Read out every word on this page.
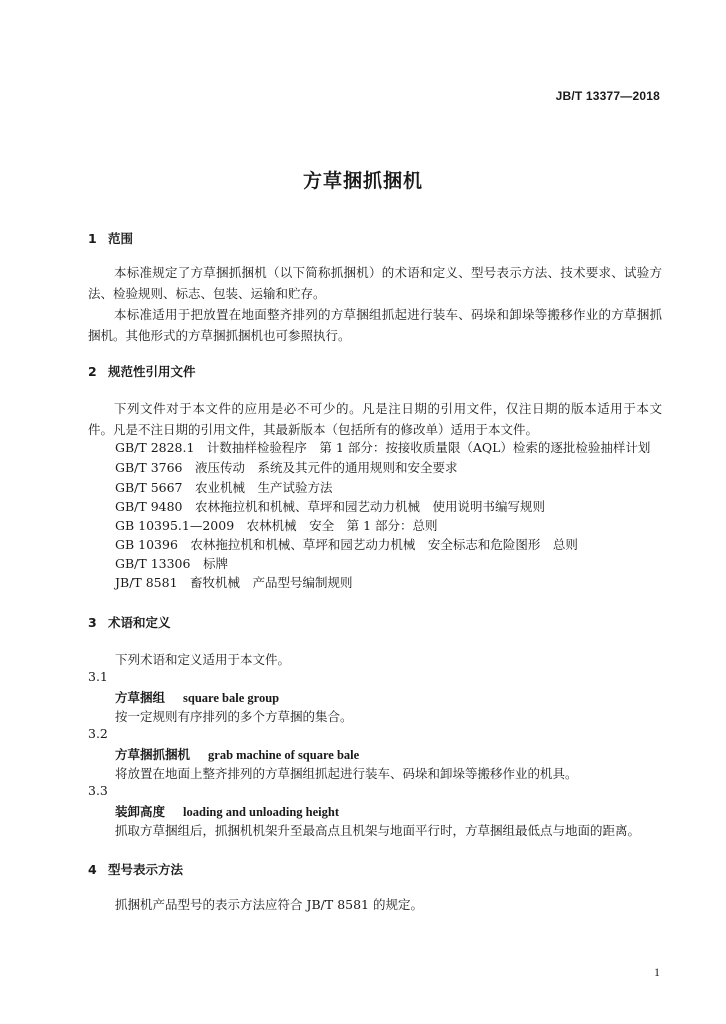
JB/T 13377—2018
方草捆抓捆机
1 范围
本标准规定了方草捆抓捆机（以下简称抓捆机）的术语和定义、型号表示方法、技术要求、试验方法、检验规则、标志、包装、运输和贮存。
本标准适用于把放置在地面整齐排列的方草捆组抓起进行装车、码垛和卸垛等搬移作业的方草捆抓捆机。其他形式的方草捆抓捆机也可参照执行。
2 规范性引用文件
下列文件对于本文件的应用是必不可少的。凡是注日期的引用文件，仅注日期的版本适用于本文件。凡是不注日期的引用文件，其最新版本（包括所有的修改单）适用于本文件。
GB/T 2828.1　计数抽样检验程序　第 1 部分：按接收质量限（AQL）检索的逐批检验抽样计划
GB/T 3766　液压传动　系统及其元件的通用规则和安全要求
GB/T 5667　农业机械　生产试验方法
GB/T 9480　农林拖拉机和机械、草坪和园艺动力机械　使用说明书编写规则
GB 10395.1—2009　农林机械　安全　第 1 部分：总则
GB 10396　农林拖拉机和机械、草坪和园艺动力机械　安全标志和危险图形　总则
GB/T 13306　标牌
JB/T 8581　畜牧机械　产品型号编制规则
3 术语和定义
下列术语和定义适用于本文件。
3.1
方草捆组 square bale group
按一定规则有序排列的多个方草捆的集合。
3.2
方草捆抓捆机 grab machine of square bale
将放置在地面上整齐排列的方草捆组抓起进行装车、码垛和卸垛等搬移作业的机具。
3.3
装卸高度 loading and unloading height
抓取方草捆组后，抓捆机机架升至最高点且机架与地面平行时，方草捆组最低点与地面的距离。
4 型号表示方法
抓捆机产品型号的表示方法应符合 JB/T 8581 的规定。
1
